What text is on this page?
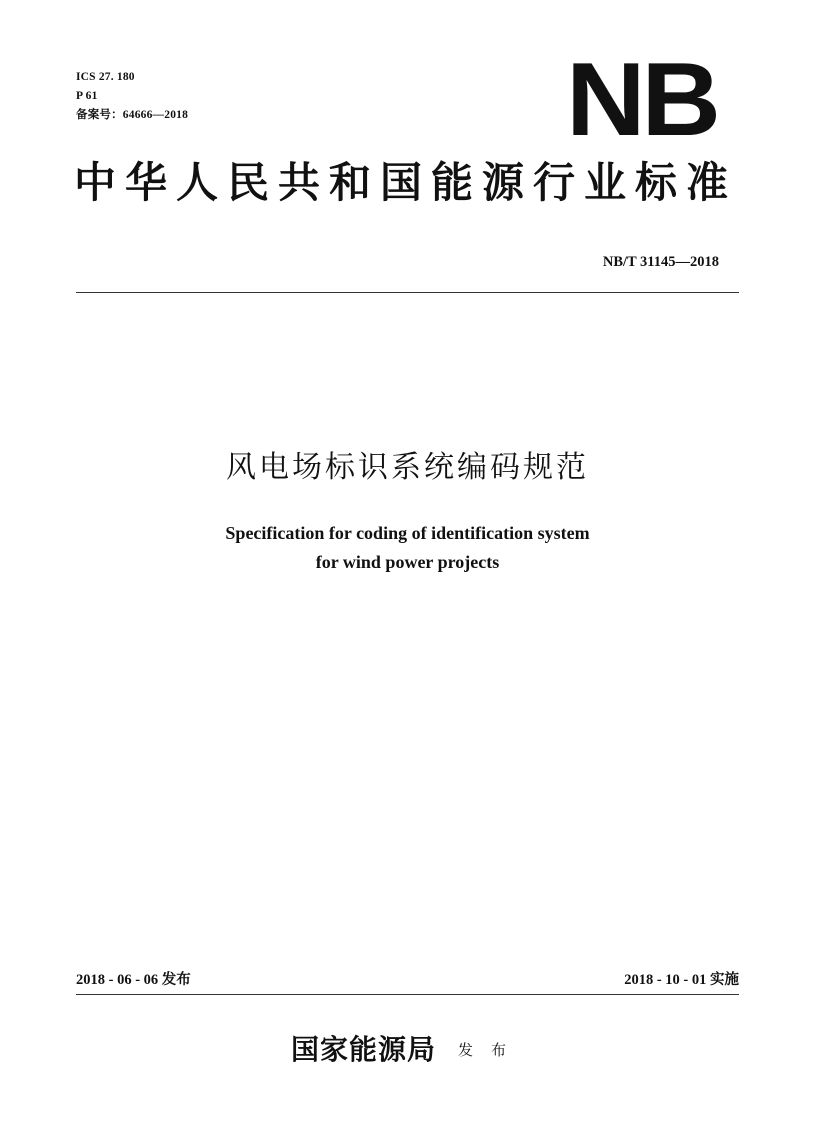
ICS 27. 180
P 61
备案号：64666—2018	NB
中华人民共和国能源行业标准
NB/T 31145—2018
风电场标识系统编码规范
Specification for coding of identification system
for wind power projects
2018 - 06 - 06 发布	2018 - 10 - 01 实施
国家能源局 发布
